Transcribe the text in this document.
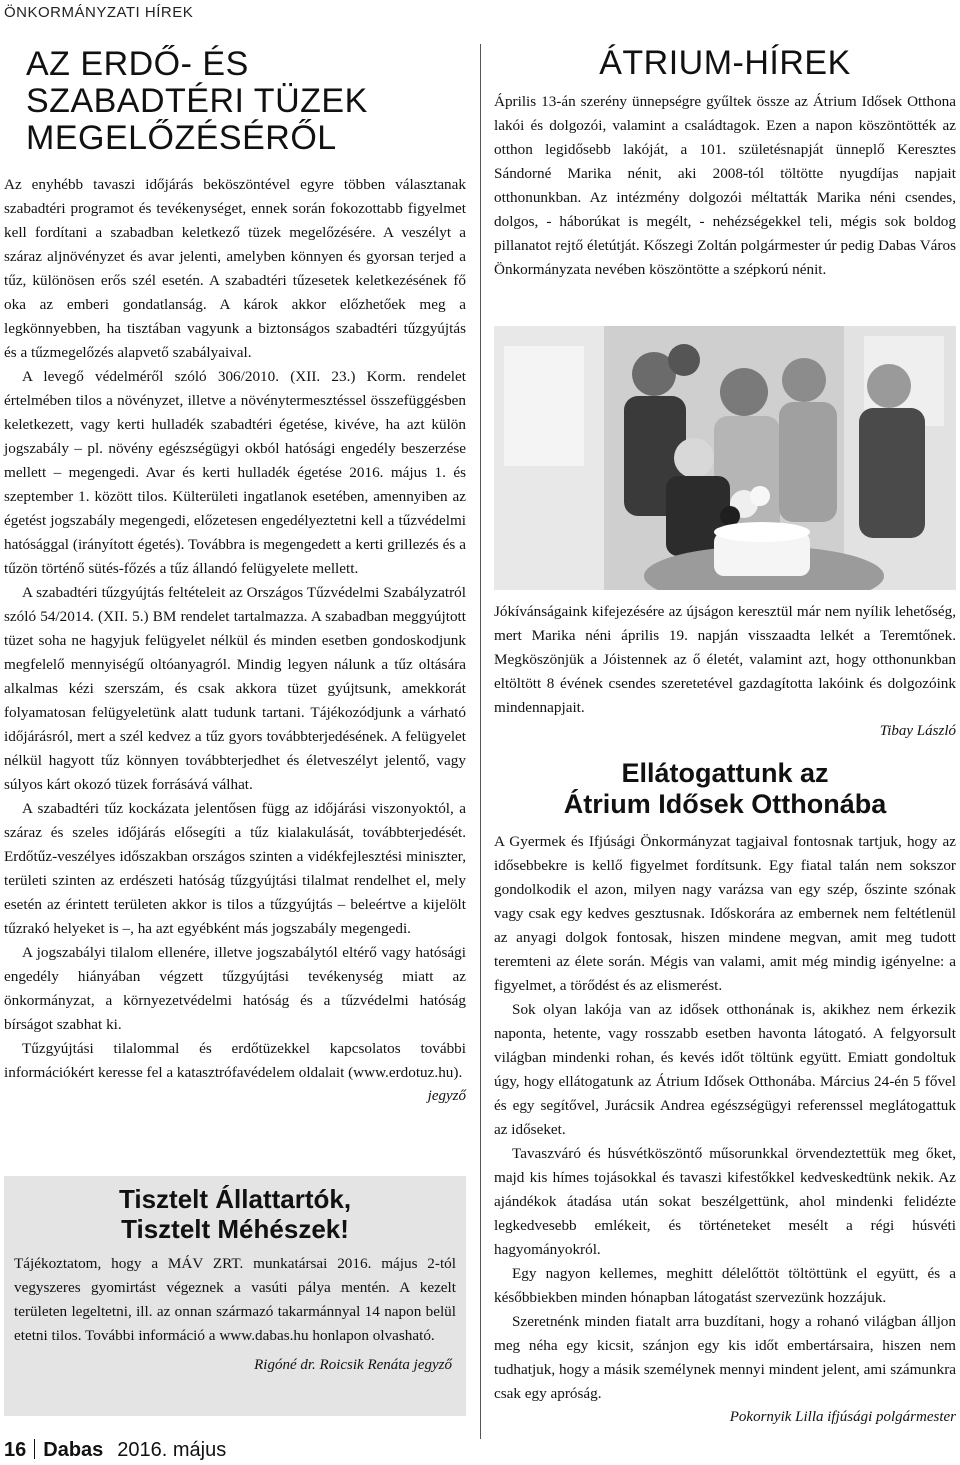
ÖNKORMÁNYZATI HÍREK
AZ ERDŐ- ÉS SZABADTÉRI TÜZEK MEGELŐZÉSÉRŐL

Az enyhébb tavaszi időjárás beköszöntével egyre többen választanak szabadtéri programot és tevékenységet, ennek során fokozottabb figyelmet kell fordítani a szabadban keletkező tüzek megelőzésére. A veszélyt a száraz aljnövényzet és avar jelenti, amelyben könnyen és gyorsan terjed a tűz, különösen erős szél esetén. A szabadtéri tűzesetek keletkezésének fő oka az emberi gondatlanság. A károk akkor előzhetőek meg a legkönnyebben, ha tisztában vagyunk a biztonságos szabadtéri tűzgyújtás és a tűzmegelőzés alapvető szabályaival.

A levegő védelméről szóló 306/2010. (XII. 23.) Korm. rendelet értelmében tilos a növényzet, illetve a növénytermesztéssel összefüggésben keletkezett, vagy kerti hulladék szabadtéri égetése, kivéve, ha azt külön jogszabály – pl. növény egészségügyi okból hatósági engedély beszerzése mellett – megengedi. Avar és kerti hulladék égetése 2016. május 1. és szeptember 1. között tilos. Külterületi ingatlanok esetében, amennyiben az égetést jogszabály megengedi, előzetesen engedélyeztetni kell a tűzvédelmi hatósággal (irányított égetés). Továbbra is megengedett a kerti grillezés és a tűzön történő sütés-főzés a tűz állandó felügyelete mellett.

A szabadtéri tűzgyújtás feltételeit az Országos Tűzvédelmi Szabályzatról szóló 54/2014. (XII. 5.) BM rendelet tartalmazza. A szabadban meggyújtott tüzet soha ne hagyjuk felügyelet nélkül és minden esetben gondoskodjunk megfelelő mennyiségű oltóanyagról. Mindig legyen nálunk a tűz oltására alkalmas kézi szerszám, és csak akkora tüzet gyújtsunk, amekkorát folyamatosan felügyeletünk alatt tudunk tartani. Tájékozódjunk a várható időjárásról, mert a szél kedvez a tűz gyors továbbterjedésének. A felügyelet nélkül hagyott tűz könnyen továbbterjedhet és életveszélyt jelentő, vagy súlyos kárt okozó tüzek forrásává válhat.

A szabadtéri tűz kockázata jelentősen függ az időjárási viszonyoktól, a száraz és szeles időjárás elősegíti a tűz kialakulását, továbbterjedését. Erdőtűz-veszélyes időszakban országos szinten a vidékfejlesztési miniszter, területi szinten az erdészeti hatóság tűzgyújtási tilalmat rendelhet el, mely esetén az érintett területen akkor is tilos a tűzgyújtás – beleértve a kijelölt tűzrakó helyeket is –, ha azt egyébként más jogszabály megengedi.

A jogszabályi tilalom ellenére, illetve jogszabálytól eltérő vagy hatósági engedély hiányában végzett tűzgyújtási tevékenység miatt az önkormányzat, a környezetvédelmi hatóság és a tűzvédelmi hatóság bírságot szabhat ki.

Tűzgyújtási tilalommal és erdőtüzekkel kapcsolatos további információkért keresse fel a katasztrófavédelem oldalait (www.erdotuz.hu).

jegyző
Tisztelt Állattartók,
Tisztelt Méhészek!

Tájékoztatom, hogy a MÁV ZRT. munkatársai 2016. május 2-tól vegyszeres gyomirtást végeznek a vasúti pálya mentén. A kezelt területen legeltetni, ill. az onnan származó takarmánnyal 14 napon belül etetni tilos. További információ a www.dabas.hu honlapon olvasható.

Rigóné dr. Roicsik Renáta jegyző
ÁTRIUM-HÍREK

Április 13-án szerény ünnepségre gyűltek össze az Átrium Idősek Otthona lakói és dolgozói, valamint a családtagok. Ezen a napon köszöntötték az otthon legidősebb lakóját, a 101. születésnapját ünneplő Keresztes Sándorné Marika nénit, aki 2008-tól töltötte nyugdíjas napjait otthonunkban. Az intézmény dolgozói méltatták Marika néni csendes, dolgos, - háborúkat is megélt, - nehézségekkel teli, mégis sok boldog pillanatot rejtő életútját. Kőszegi Zoltán polgármester úr pedig Dabas Város Önkormányzata nevében köszöntötte a szépkorú nénit.

Jókívánságaink kifejezésére az újságon keresztül már nem nyílik lehetőség, mert Marika néni április 19. napján visszaadta lelkét a Teremtőnek. Megköszönjük a Jóistennek az ő életét, valamint azt, hogy otthonunkban eltöltött 8 évének csendes szeretetével gazdagította lakóink és dolgozóink mindennapjait.

Tibay László
Ellátogattunk az
Átrium Idősek Otthonába

A Gyermek és Ifjúsági Önkormányzat tagjaival fontosnak tartjuk, hogy az idősebbekre is kellő figyelmet fordítsunk. Egy fiatal talán nem sokszor gondolkodik el azon, milyen nagy varázsa van egy szép, őszinte szónak vagy csak egy kedves gesztusnak. Időskorára az embernek nem feltétlenül az anyagi dolgok fontosak, hiszen mindene megvan, amit meg tudott teremteni az élete során. Mégis van valami, amit még mindig igényelne: a figyelmet, a törődést és az elismerést.

Sok olyan lakója van az idősek otthonának is, akikhez nem érkezik naponta, hetente, vagy rosszabb esetben havonta látogató. A felgyorsult világban mindenki rohan, és kevés időt töltünk együtt. Emiatt gondoltuk úgy, hogy ellátogatunk az Átrium Idősek Otthonába. Március 24-én 5 fővel és egy segítővel, Jurácsik Andrea egészségügyi referenssel meglátogattuk az időseket.

Tavaszváró és húsvétköszöntő műsorunkkal örvendeztettük meg őket, majd kis hímes tojásokkal és tavaszi kifestőkkel kedveskedtünk nekik. Az ajándékok átadása után sokat beszélgettünk, ahol mindenki felidézte legkedvesebb emlékeit, és történeteket mesélt a régi húsvéti hagyományokról.

Egy nagyon kellemes, meghitt délelőttöt töltöttünk el együtt, és a későbbiekben minden hónapban látogatást szervezünk hozzájuk.

Szeretnénk minden fiatalt arra buzdítani, hogy a rohanó világban álljon meg néha egy kicsit, szánjon egy kis időt embertársaira, hiszen nem tudhatjuk, hogy a másik személynek mennyi mindent jelent, ami számunkra csak egy apróság.

Pokornyik Lilla ifjúsági polgármester
16 Dabas 2016. május
